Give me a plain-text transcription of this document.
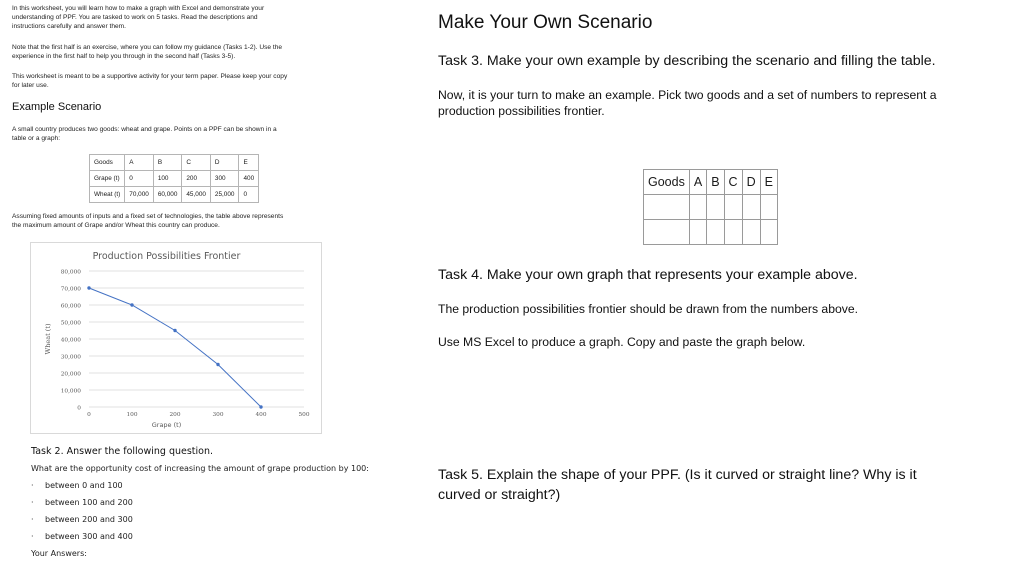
In this worksheet, you will learn how to make a graph with Excel and demonstrate your
understanding of PPF. You are tasked to work on 5 tasks. Read the descriptions and
instructions carefully and answer them.
Note that the first half is an exercise, where you can follow my guidance (Tasks 1-2). Use the
experience in the first half to help you through in the second half (Tasks 3-5).
This worksheet is meant to be a supportive activity for your term paper. Please keep your copy
for later use.
Example Scenario
A small country produces two goods: wheat and grape. Points on a PPF can be shown in a
table or a graph:
Goods	A	B	C	D	E
Grape (t)	0	100	200	300	400
Wheat (t)	70,000	60,000	45,000	25,000	0
Assuming fixed amounts of inputs and a fixed set of technologies, the table above represents
the maximum amount of Grape and/or Wheat this country can produce.
Production Possibilities Frontier
0
10,000
20,000
30,000
40,000
50,000
60,000
70,000
80,000
0	100	200	300	400	500
Grape (t)
Wheat (t)
Task 2. Answer the following question.
What are the opportunity cost of increasing the amount of grape production by 100:
·	between 0 and 100
·	between 100 and 200
·	between 200 and 300
·	between 300 and 400
Your Answers:
Make Your Own Scenario
Task 3. Make your own example by describing the scenario and filling the table.
Now, it is your turn to make an example. Pick two goods and a set of numbers to represent a
production possibilities frontier.
Goods	A	B	C	D	E

Task 4. Make your own graph that represents your example above.
The production possibilities frontier should be drawn from the numbers above.
Use MS Excel to produce a graph. Copy and paste the graph below.
Task 5. Explain the shape of your PPF. (Is it curved or straight line? Why is it
curved or straight?)
